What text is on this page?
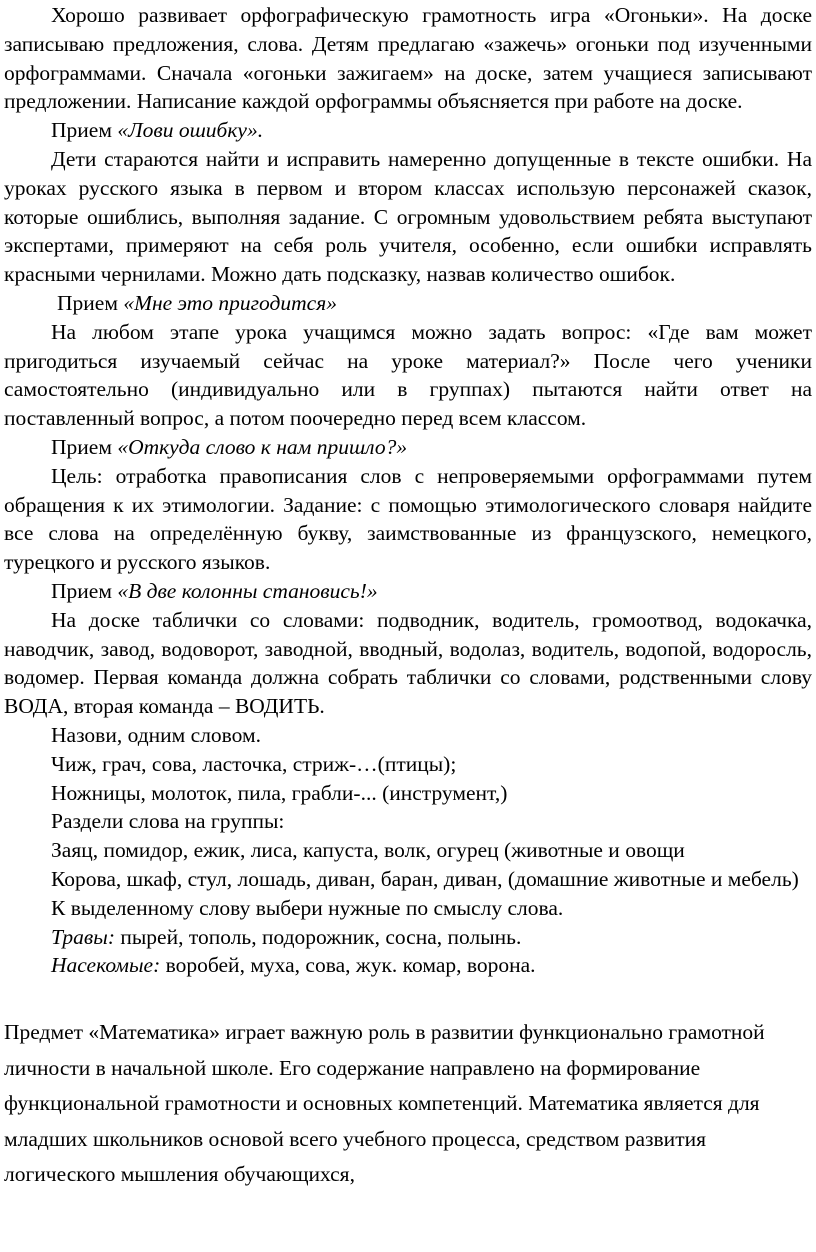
Хорошо развивает орфографическую грамотность игра «Огоньки». На доске записываю предложения, слова. Детям предлагаю «зажечь» огоньки под изученными орфограммами. Сначала «огоньки зажигаем» на доске, затем учащиеся записывают предложении. Написание каждой орфограммы объясняется при работе на доске.

Прием «Лови ошибку».

Дети стараются найти и исправить намеренно допущенные в тексте ошибки. На уроках русского языка в первом и втором классах использую персонажей сказок, которые ошиблись, выполняя задание. С огромным удовольствием ребята выступают экспертами, примеряют на себя роль учителя, особенно, если ошибки исправлять красными чернилами. Можно дать подсказку, назвав количество ошибок.

Прием «Мне это пригодится»

На любом этапе урока учащимся можно задать вопрос: «Где вам может пригодиться изучаемый сейчас на уроке материал?» После чего ученики самостоятельно (индивидуально или в группах) пытаются найти ответ на поставленный вопрос, а потом поочередно перед всем классом.

Прием «Откуда слово к нам пришло?»

Цель: отработка правописания слов с непроверяемыми орфограммами путем обращения к их этимологии. Задание: с помощью этимологического словаря найдите все слова на определённую букву, заимствованные из французского, немецкого, турецкого и русского языков.

Прием «В две колонны становись!»

На доске таблички со словами: подводник, водитель, громоотвод, водокачка, наводчик, завод, водоворот, заводной, вводный, водолаз, водитель, водопой, водоросль, водомер. Первая команда должна собрать таблички со словами, родственными слову ВОДА, вторая команда – ВОДИТЬ.

Назови, одним словом.

Чиж, грач, сова, ласточка, стриж-…(птицы);

Ножницы, молоток, пила, грабли-... (инструмент,)

Раздели слова на группы:

Заяц, помидор, ежик, лиса, капуста, волк, огурец (животные и овощи

Корова, шкаф, стул, лошадь, диван, баран, диван, (домашние животные и мебель)

К выделенному слову выбери нужные по смыслу слова.

Травы: пырей, тополь, подорожник, сосна, полынь.

Насекомые: воробей, муха, сова, жук. комар, ворона.

Предмет «Математика» играет важную роль в развитии функционально грамотной личности в начальной школе. Его содержание направлено на формирование функциональной грамотности и основных компетенций. Математика является для младших школьников основой всего учебного процесса, средством развития логического мышления обучающихся,
